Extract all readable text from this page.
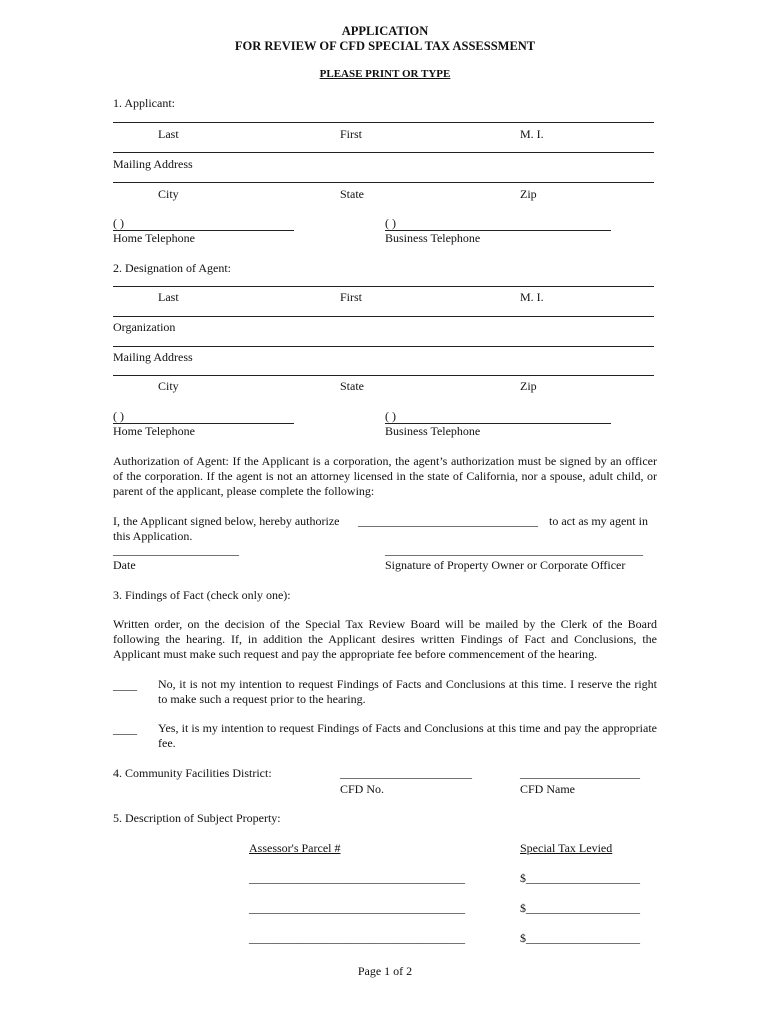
APPLICATION
FOR REVIEW OF CFD SPECIAL TAX ASSESSMENT
PLEASE PRINT OR TYPE
1. Applicant:
Last	First	M. I.
Mailing Address
City	State	Zip
( )
Home Telephone
( )
Business Telephone
2. Designation of Agent:
Last	First	M. I.
Organization
Mailing Address
City	State	Zip
( )
Home Telephone
( )
Business Telephone
Authorization of Agent: If the Applicant is a corporation, the agent’s authorization must be signed by an officer of the corporation. If the agent is not an attorney licensed in the state of California, nor a spouse, adult child, or parent of the applicant, please complete the following:
I, the Applicant signed below, hereby authorize ______________________________ to act as my agent in
this Application.
_____________________	___________________________________________
Date	Signature of Property Owner or Corporate Officer
3. Findings of Fact (check only one):
Written order, on the decision of the Special Tax Review Board will be mailed by the Clerk of the Board following the hearing. If, in addition the Applicant desires written Findings of Fact and Conclusions, the Applicant must make such request and pay the appropriate fee before commencement of the hearing.
____ No, it is not my intention to request Findings of Facts and Conclusions at this time. I reserve the right to make such a request prior to the hearing.
____ Yes, it is my intention to request Findings of Facts and Conclusions at this time and pay the appropriate fee.
4. Community Facilities District:	______________________	____________________
CFD No.	CFD Name
5. Description of Subject Property:
Assessor's Parcel #	Special Tax Levied
____________________________________	$___________________
____________________________________	$___________________
____________________________________	$___________________
Page 1 of 2
